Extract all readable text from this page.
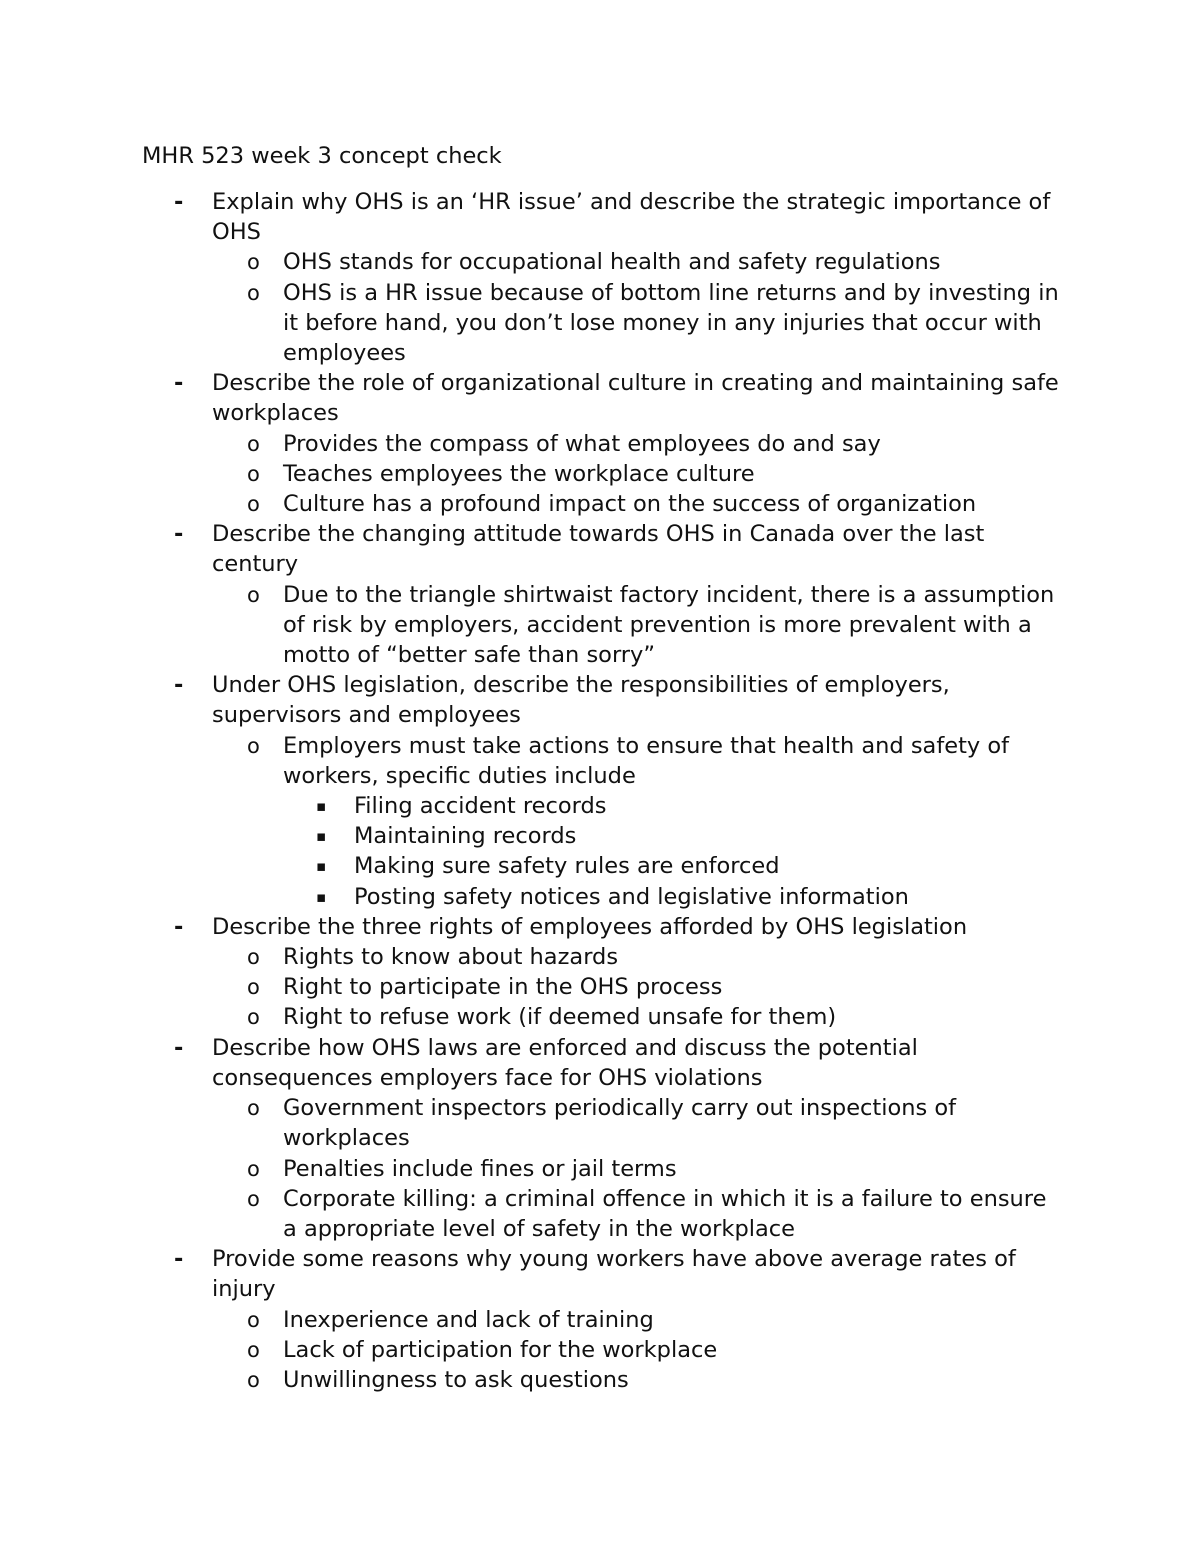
MHR 523 week 3 concept check
- Explain why OHS is an ‘HR issue’ and describe the strategic importance of OHS
o OHS stands for occupational health and safety regulations
o OHS is a HR issue because of bottom line returns and by investing in it before hand, you don’t lose money in any injuries that occur with employees
- Describe the role of organizational culture in creating and maintaining safe workplaces
o Provides the compass of what employees do and say
o Teaches employees the workplace culture
o Culture has a profound impact on the success of organization
- Describe the changing attitude towards OHS in Canada over the last century
o Due to the triangle shirtwaist factory incident, there is a assumption of risk by employers, accident prevention is more prevalent with a motto of “better safe than sorry”
- Under OHS legislation, describe the responsibilities of employers, supervisors and employees
o Employers must take actions to ensure that health and safety of workers, specific duties include
▪ Filing accident records
▪ Maintaining records
▪ Making sure safety rules are enforced
▪ Posting safety notices and legislative information
- Describe the three rights of employees afforded by OHS legislation
o Rights to know about hazards
o Right to participate in the OHS process
o Right to refuse work (if deemed unsafe for them)
- Describe how OHS laws are enforced and discuss the potential consequences employers face for OHS violations
o Government inspectors periodically carry out inspections of workplaces
o Penalties include fines or jail terms
o Corporate killing: a criminal offence in which it is a failure to ensure a appropriate level of safety in the workplace
- Provide some reasons why young workers have above average rates of injury
o Inexperience and lack of training
o Lack of participation for the workplace
o Unwillingness to ask questions
